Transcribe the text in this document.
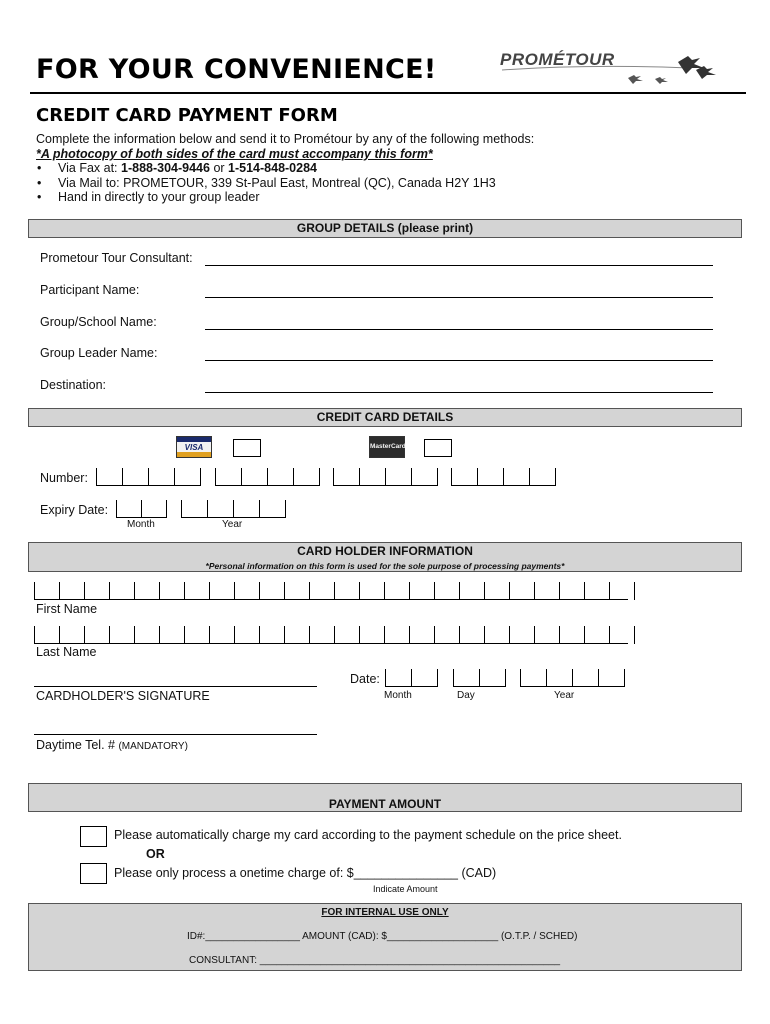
FOR YOUR CONVENIENCE!	PROMÉTOUR
CREDIT CARD PAYMENT FORM
Complete the information below and send it to Prométour by any of the following methods:
*A photocopy of both sides of the card must accompany this form*
• Via Fax at: 1-888-304-9446 or 1-514-848-0284
• Via Mail to: PROMETOUR, 339 St-Paul East, Montreal (QC), Canada H2Y 1H3
• Hand in directly to your group leader
GROUP DETAILS (please print)
Prometour Tour Consultant:
Participant Name:
Group/School Name:
Group Leader Name:
Destination:
CREDIT CARD DETAILS
VISA	MasterCard
Number:
Expiry Date:
Month	Year
CARD HOLDER INFORMATION
*Personal information on this form is used for the sole purpose of processing payments*
First Name
Last Name
CARDHOLDER'S SIGNATURE
Date:
Month	Day	Year
Daytime Tel. # (MANDATORY)
PAYMENT AMOUNT
Please automatically charge my card according to the payment schedule on the price sheet.
OR
Please only process a onetime charge of: $_______________ (CAD)
Indicate Amount
FOR INTERNAL USE ONLY
ID#:_________________ AMOUNT (CAD): $____________________ (O.T.P. / SCHED)
CONSULTANT: ______________________________________________________
